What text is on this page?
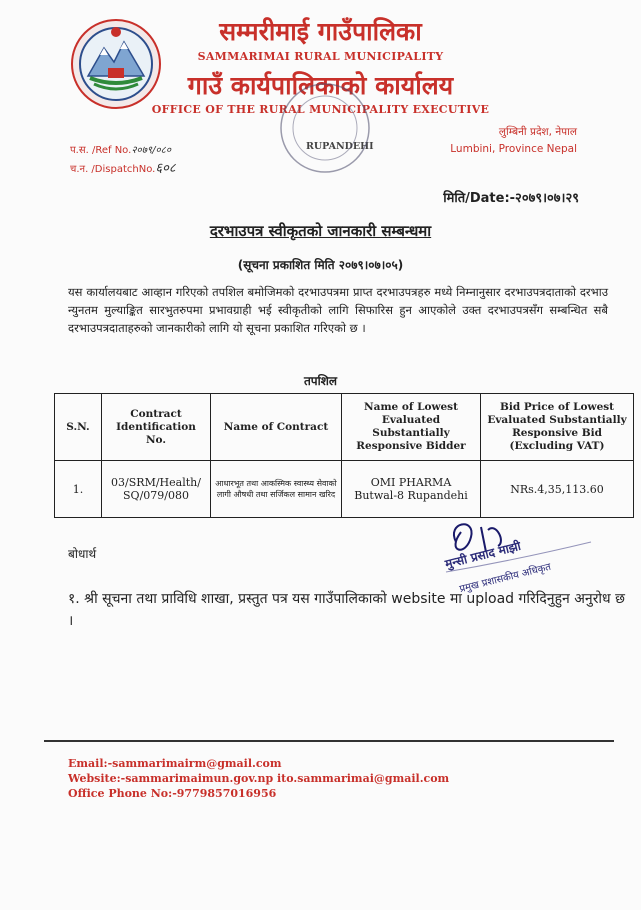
सम्मरीमाई गाउँपालिका
SAMMARIMAI RURAL MUNICIPALITY
गाउँ कार्यपालिकाको कार्यालय
OFFICE OF THE RURAL MUNICIPALITY EXECUTIVE
RUPANDEHI
प.स. /Ref No.२०७९/०८०
च.न. /DispatchNo.६०८
लुम्बिनी प्रदेश, नेपाल
Lumbini, Province Nepal
मिति/Date:-२०७९।०७।२९
दरभाउपत्र स्वीकृतको जानकारी सम्बन्धमा
(सूचना प्रकाशित मिति २०७९।०७।०५)
यस कार्यालयबाट आव्हान गरिएको तपशिल बमोजिमको दरभाउपत्रमा प्राप्त दरभाउपत्रहरु मध्ये निम्नानुसार दरभाउपत्रदाताको दरभाउ न्युनतम मुल्याङ्कित सारभुतरुपमा प्रभावग्राही भई स्वीकृतीको लागि सिफारिस हुन आएकोले उक्त दरभाउपत्रसँग सम्बन्धित सबै दरभाउपत्रदाताहरुको जानकारीको लागि यो सूचना प्रकाशित गरिएको छ ।
तपशिल
S.N.	Contract Identification No.	Name of Contract	Name of Lowest Evaluated Substantially Responsive Bidder	Bid Price of Lowest Evaluated Substantially Responsive Bid (Excluding VAT)
1.	03/SRM/Health/ SQ/079/080	आधारभूत तथा आकस्मिक स्वास्थ्य सेवाको लागी औषधी तथा सर्जिकल सामान खरिद	OMI PHARMA
Butwal-8 Rupandehi	NRs.4,35,113.60
मुन्सी प्रसाद माझी
प्रमुख प्रशासकीय अधिकृत
बोधार्थ
१. श्री सूचना तथा प्राविधि शाखा, प्रस्तुत पत्र यस गाउँपालिकाको website मा upload गरिदिनुहुन अनुरोध छ ।
Email:-sammarimairm@gmail.com
Website:-sammarimaimun.gov.np ito.sammarimai@gmail.com
Office Phone No:-9779857016956
